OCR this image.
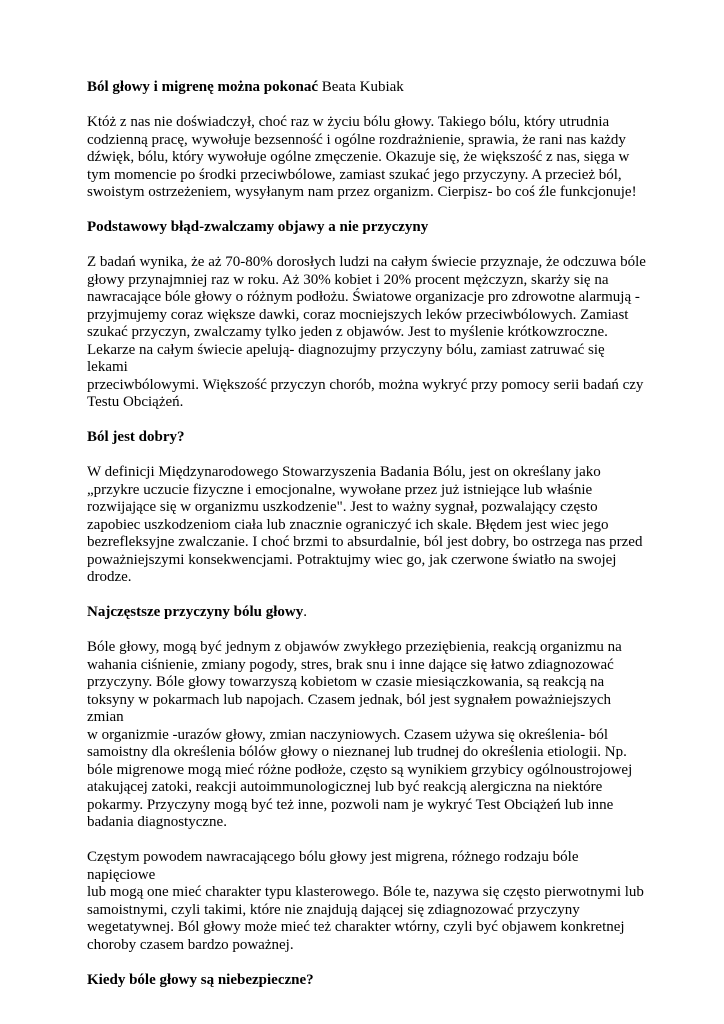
Ból głowy i migrenę można pokonać Beata Kubiak

Któż z nas nie doświadczył, choć raz w życiu bólu głowy. Takiego bólu, który utrudnia
codzienną pracę, wywołuje bezsenność i ogólne rozdrażnienie, sprawia, że rani nas każdy
dźwięk, bólu, który wywołuje ogólne zmęczenie. Okazuje się, że większość z nas, sięga w
tym momencie po środki przeciwbólowe, zamiast szukać jego przyczyny. A przecież ból,
swoistym ostrzeżeniem, wysyłanym nam przez organizm. Cierpisz- bo coś źle funkcjonuje!

Podstawowy błąd-zwalczamy objawy a nie przyczyny

Z badań wynika, że aż 70-80% dorosłych ludzi na całym świecie przyznaje, że odczuwa bóle
głowy przynajmniej raz w roku. Aż 30% kobiet i 20% procent mężczyzn, skarży się na
nawracające bóle głowy o różnym podłożu. Światowe organizacje pro zdrowotne alarmują -
przyjmujemy coraz większe dawki, coraz mocniejszych leków przeciwbólowych. Zamiast
szukać przyczyn, zwalczamy tylko jeden z objawów. Jest to myślenie krótkowzroczne.
Lekarze na całym świecie apelują- diagnozujmy przyczyny bólu, zamiast zatruwać się lekami
przeciwbólowymi. Większość przyczyn chorób, można wykryć przy pomocy serii badań czy
Testu Obciążeń.

Ból jest dobry?

W definicji Międzynarodowego Stowarzyszenia Badania Bólu, jest on określany jako
„przykre uczucie fizyczne i emocjonalne, wywołane przez już istniejące lub właśnie
rozwijające się w organizmu uszkodzenie". Jest to ważny sygnał, pozwalający często
zapobiec uszkodzeniom ciała lub znacznie ograniczyć ich skale. Błędem jest wiec jego
bezrefleksyjne zwalczanie. I choć brzmi to absurdalnie, ból jest dobry, bo ostrzega nas przed
poważniejszymi konsekwencjami. Potraktujmy wiec go, jak czerwone światło na swojej
drodze.

Najczęstsze przyczyny bólu głowy.

Bóle głowy, mogą być jednym z objawów zwykłego przeziębienia, reakcją organizmu na
wahania ciśnienie, zmiany pogody, stres, brak snu i inne dające się łatwo zdiagnozować
przyczyny. Bóle głowy towarzyszą kobietom w czasie miesiączkowania, są reakcją na
toksyny w pokarmach lub napojach. Czasem jednak, ból jest sygnałem poważniejszych zmian
w organizmie -urazów głowy, zmian naczyniowych. Czasem używa się określenia- ból
samoistny dla określenia bólów głowy o nieznanej lub trudnej do określenia etiologii. Np.
bóle migrenowe mogą mieć różne podłoże, często są wynikiem grzybicy ogólnoustrojowej
atakującej zatoki, reakcji autoimmunologicznej lub być reakcją alergiczna na niektóre
pokarmy. Przyczyny mogą być też inne, pozwoli nam je wykryć Test Obciążeń lub inne
badania diagnostyczne.

Częstym powodem nawracającego bólu głowy jest migrena, różnego rodzaju bóle napięciowe
lub mogą one mieć charakter typu klasterowego. Bóle te, nazywa się często pierwotnymi lub
samoistnymi, czyli takimi, które nie znajdują dającej się zdiagnozować przyczyny
wegetatywnej. Ból głowy może mieć też charakter wtórny, czyli być objawem konkretnej
choroby czasem bardzo poważnej.

Kiedy bóle głowy są niebezpieczne?
